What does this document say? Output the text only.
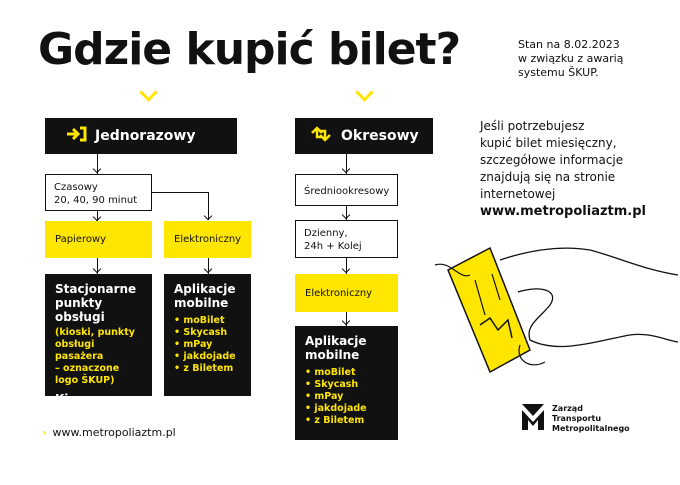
Gdzie kupić bilet?	Stan na 8.02.2023
w związku z awarią
systemu ŠKUP.
Jednorazowy
Czasowy
20, 40, 90 minut
Papierowy	Elektroniczny
Stacjonarne
punkty obsługi
(kioski, punkty
obsługi pasażera
– oznaczone
logo ŠKUP)
Kierowcy
Aplikacje
mobilne
• moBilet
• Skycash
• mPay
• jakdojade
• z Biletem
Okresowy
Średniookresowy
Dzienny,
24h + Kolej
Elektroniczny
Aplikacje
mobilne
• moBilet
• Skycash
• mPay
• jakdojade
• z Biletem
Jeśli potrzebujesz
kupić bilet miesięczny,
szczegółowe informacje
znajdują się na stronie
internetowej
www.metropoliaztm.pl
› www.metropoliaztm.pl
Zarząd
Transportu
Metropolitalnego
